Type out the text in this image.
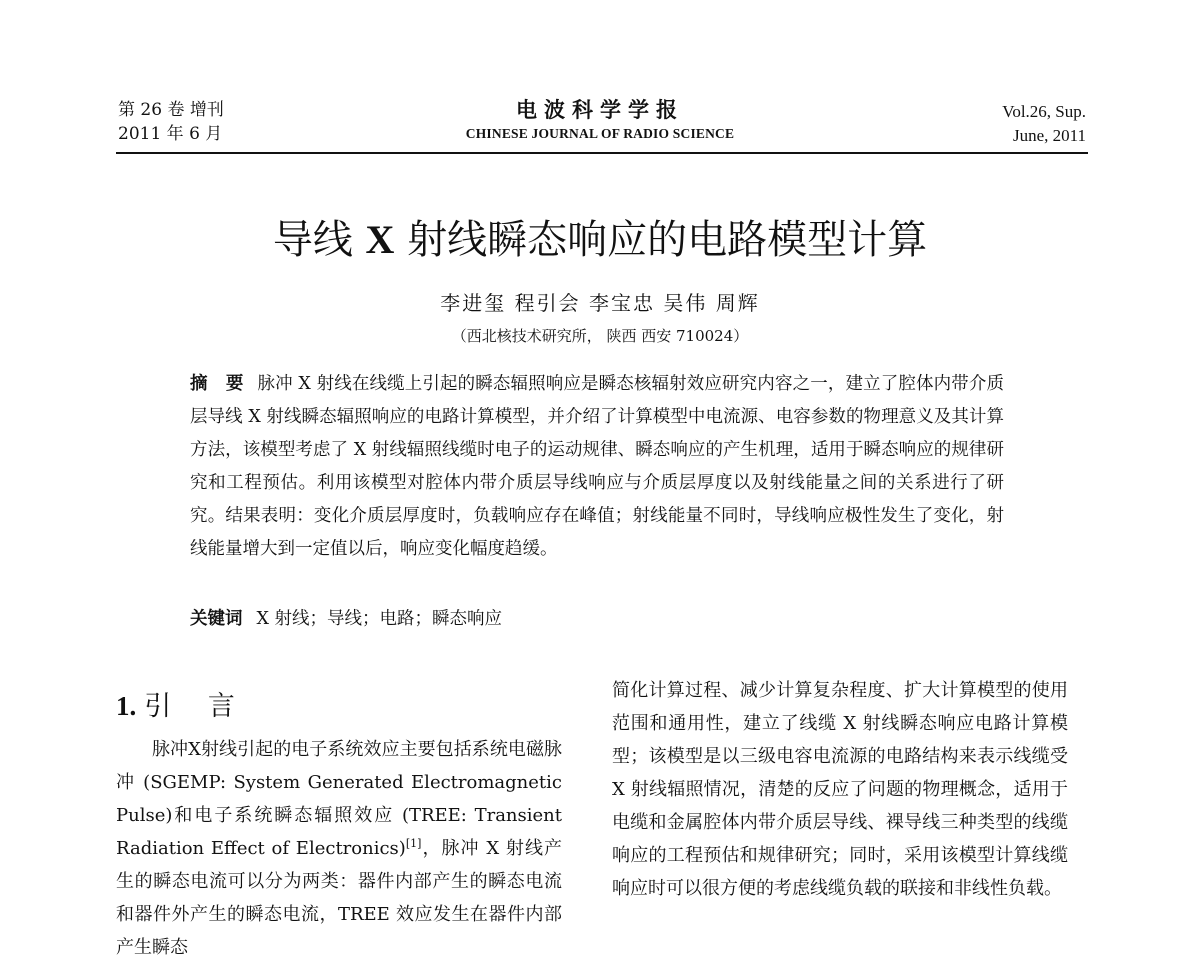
第 26 卷 增刊
2011 年 6 月
电波科学学报
CHINESE JOURNAL OF RADIO SCIENCE
Vol.26, Sup.
June, 2011
导线 X 射线瞬态响应的电路模型计算
李进玺 程引会 李宝忠 吴伟 周辉
（西北核技术研究所， 陕西 西安 710024）
摘 要 脉冲 X 射线在线缆上引起的瞬态辐照响应是瞬态核辐射效应研究内容之一，建立了腔体内带介质层导线 X 射线瞬态辐照响应的电路计算模型，并介绍了计算模型中电流源、电容参数的物理意义及其计算方法，该模型考虑了 X 射线辐照线缆时电子的运动规律、瞬态响应的产生机理，适用于瞬态响应的规律研究和工程预估。利用该模型对腔体内带介质层导线响应与介质层厚度以及射线能量之间的关系进行了研究。结果表明：变化介质层厚度时，负载响应存在峰值；射线能量不同时，导线响应极性发生了变化，射线能量增大到一定值以后，响应变化幅度趋缓。
关键词 X 射线；导线；电路；瞬态响应
1. 引 言
脉冲X射线引起的电子系统效应主要包括系统电磁脉冲 (SGEMP: System Generated Electromagnetic Pulse)和电子系统瞬态辐照效应 (TREE: Transient Radiation Effect of Electronics)[1]，脉冲 X 射线产生的瞬态电流可以分为两类：器件内部产生的瞬态电流和器件外产生的瞬态电流，TREE 效应发生在器件内部产生瞬态
简化计算过程、减少计算复杂程度、扩大计算模型的使用范围和通用性，建立了线缆 X 射线瞬态响应电路计算模型；该模型是以三级电容电流源的电路结构来表示线缆受 X 射线辐照情况，清楚的反应了问题的物理概念，适用于电缆和金属腔体内带介质层导线、裸导线三种类型的线缆响应的工程预估和规律研究；同时，采用该模型计算线缆响应时可以很方便的考虑线缆负载的联接和非线性负载。
